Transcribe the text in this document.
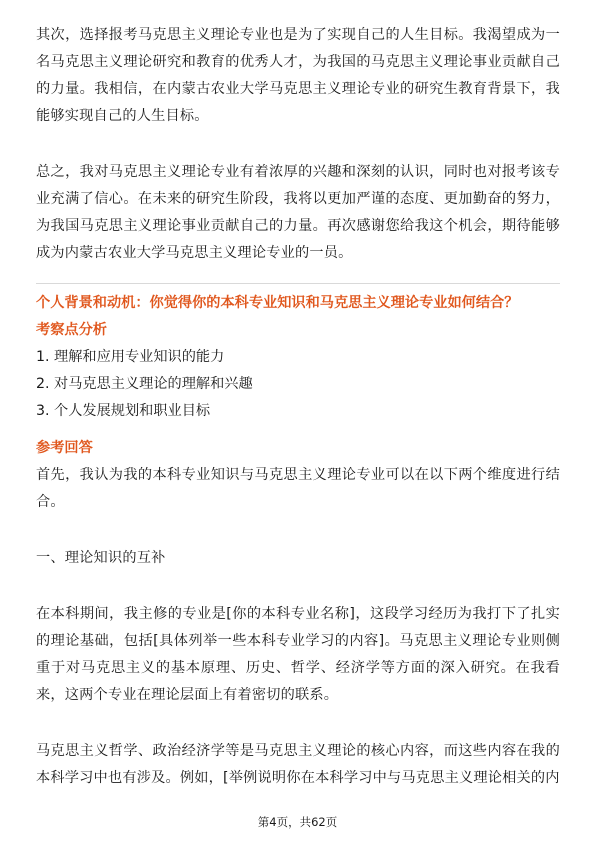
其次，选择报考马克思主义理论专业也是为了实现自己的人生目标。我渴望成为一名马克思主义理论研究和教育的优秀人才，为我国的马克思主义理论事业贡献自己的力量。我相信，在内蒙古农业大学马克思主义理论专业的研究生教育背景下，我能够实现自己的人生目标。

总之，我对马克思主义理论专业有着浓厚的兴趣和深刻的认识，同时也对报考该专业充满了信心。在未来的研究生阶段，我将以更加严谨的态度、更加勤奋的努力，为我国马克思主义理论事业贡献自己的力量。再次感谢您给我这个机会，期待能够成为内蒙古农业大学马克思主义理论专业的一员。

个人背景和动机：你觉得你的本科专业知识和马克思主义理论专业如何结合？

考察点分析

1. 理解和应用专业知识的能力

2. 对马克思主义理论的理解和兴趣

3. 个人发展规划和职业目标

参考回答

首先，我认为我的本科专业知识与马克思主义理论专业可以在以下两个维度进行结合。

一、理论知识的互补

在本科期间，我主修的专业是[你的本科专业名称]，这段学习经历为我打下了扎实的理论基础，包括[具体列举一些本科专业学习的内容]。马克思主义理论专业则侧重于对马克思主义的基本原理、历史、哲学、经济学等方面的深入研究。在我看来，这两个专业在理论层面上有着密切的联系。

马克思主义哲学、政治经济学等是马克思主义理论的核心内容，而这些内容在我的本科学习中也有涉及。例如，[举例说明你在本科学习中与马克思主义理论相关的内

第4页，共62页
